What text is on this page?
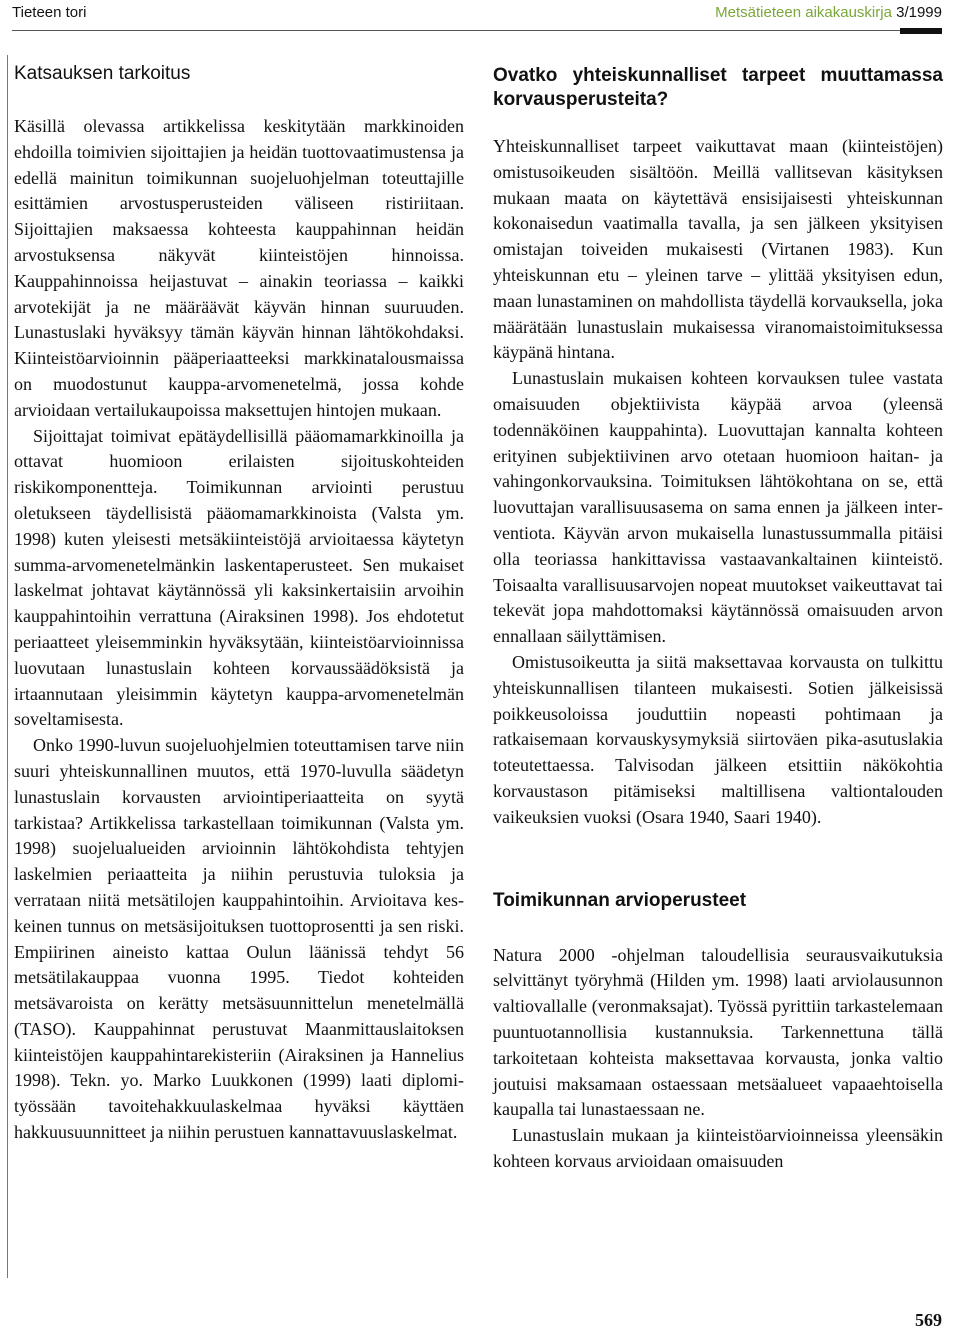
Tieteen tori	Metsätieteen aikakauskirja 3/1999
Katsauksen tarkoitus

Käsillä olevassa artikkelissa keskitytään markkinoiden ehdoilla toimivien sijoittajien ja heidän tuottovaatimustensa ja edellä mainitun toimikunnan suojeluohjelman toteuttajille esittämien arvostusperusteiden väliseen ristiriitaan. Sijoittajien maksaessa kohteesta kauppahinnan heidän arvostuksensa näkyvät kiinteistöjen hinnoissa. Kauppahinnoissa heijastuvat – ainakin teoriassa – kaikki arvotekijät ja ne määräävät käyvän hinnan suuruuden. Lunastuslaki hyväksyy tämän käyvän hinnan lähtökohdaksi. Kiinteistöarvioinnin pääperiaatteeksi markkinatalousmaissa on muodostunut kauppa-arvomenetelmä, jossa kohde arvioidaan vertailukaupoissa maksettujen hintojen mukaan.

Sijoittajat toimivat epätäydellisillä pääomamarkkinoilla ja ottavat huomioon erilaisten sijoituskohteiden riskikomponentteja. Toimikunnan arviointi perustuu oletukseen täydellisistä pääomamarkkinoista (Valsta ym. 1998) kuten yleisesti metsäkiinteistöjä arvioitaessa käytetyn summa-arvomenetelmänkin laskentaperusteet. Sen mukaiset laskelmat johtavat käytännössä yli kaksinkertaisiin arvoihin kauppahintoihin verrattuna (Airaksinen 1998). Jos ehdotetut periaatteet yleisemminkin hyväksytään, kiinteistöarvioinnissa luovutaan lunastuslain kohteen korvaussäädöksistä ja irtaannutaan yleisimmin käytetyn kauppa-arvomenetelmän soveltamisesta.

Onko 1990-luvun suojeluohjelmien toteuttamisen tarve niin suuri yhteiskunnallinen muutos, että 1970-luvulla säädetyn lunastuslain korvausten arviointiperiaatteita on syytä tarkistaa? Artikkelissa tarkastellaan toimikunnan (Valsta ym. 1998) suojelualueiden arvioinnin lähtökohdista tehtyjen laskelmien periaatteita ja niihin perustuvia tuloksia ja verrataan niitä metsätilojen kauppahintoihin. Arvioitava keskeinen tunnus on metsäsijoituksen tuottoprosentti ja sen riski. Empiirinen aineisto kattaa Oulun läänissä tehdyt 56 metsätilakauppaa vuonna 1995. Tiedot kohteiden metsävaroista on kerätty metsäsuunnittelun menetelmällä (TASO). Kauppahinnat perustuvat Maanmittauslaitoksen kiinteistöjen kauppahintarekisteriin (Airaksinen ja Hannelius 1998). Tekn. yo. Marko Luukkonen (1999) laati diplomityössään tavoitehakkuulaskelmaa hyväksi käyttäen hakkuusuunnitteet ja niihin perustuen kannattavuuslaskelmat.

Ovatko yhteiskunnalliset tarpeet muuttamassa korvausperusteita?

Yhteiskunnalliset tarpeet vaikuttavat maan (kiinteistöjen) omistusoikeuden sisältöön. Meillä vallitsevan käsityksen mukaan maata on käytettävä ensisijaisesti yhteiskunnan kokonaisedun vaatimalla tavalla, ja sen jälkeen yksityisen omistajan toiveiden mukaisesti (Virtanen 1983). Kun yhteiskunnan etu – yleinen tarve – ylittää yksityisen edun, maan lunastaminen on mahdollista täydellä korvauksella, joka määrätään lunastuslain mukaisessa viranomaistoimituksessa käypänä hintana.

Lunastuslain mukaisen kohteen korvauksen tulee vastata omaisuuden objektiivista käypää arvoa (yleensä todennäköinen kauppahinta). Luovuttajan kannalta kohteen erityinen subjektiivinen arvo otetaan huomioon haitan- ja vahingonkorvauksina. Toimituksen lähtökohtana on se, että luovuttajan varallisuusasema on sama ennen ja jälkeen interventiota. Käyvän arvon mukaisella lunastussummalla pitäisi olla teoriassa hankittavissa vastaavankaltainen kiinteistö. Toisaalta varallisuusarvojen nopeat muutokset vaikeuttavat tai tekevät jopa mahdottomaksi käytännössä omaisuuden arvon ennallaan säilyttämisen.

Omistusoikeutta ja siitä maksettavaa korvausta on tulkittu yhteiskunnallisen tilanteen mukaisesti. Sotien jälkeisissä poikkeusoloissa jouduttiin nopeasti pohtimaan ja ratkaisemaan korvauskysymyksiä siirtoväen pika-asutuslakia toteutettaessa. Talvisodan jälkeen etsittiin näkökohtia korvaustason pitämiseksi maltillisena valtiontalouden vaikeuksien vuoksi (Osara 1940, Saari 1940).

Toimikunnan arvioperusteet

Natura 2000 -ohjelman taloudellisia seurausvaikutuksia selvittänyt työryhmä (Hilden ym. 1998) laati arviolausunnon valtiovallalle (veronmaksajat). Työssä pyrittiin tarkastelemaan puuntuotannollisia kustannuksia. Tarkennettuna tällä tarkoitetaan kohteista maksettavaa korvausta, jonka valtio joutuisi maksamaan ostaessaan metsäalueet vapaaehtoisella kaupalla tai lunastaessaan ne.

Lunastuslain mukaan ja kiinteistöarvioinneissa yleensäkin kohteen korvaus arvioidaan omaisuuden

569
